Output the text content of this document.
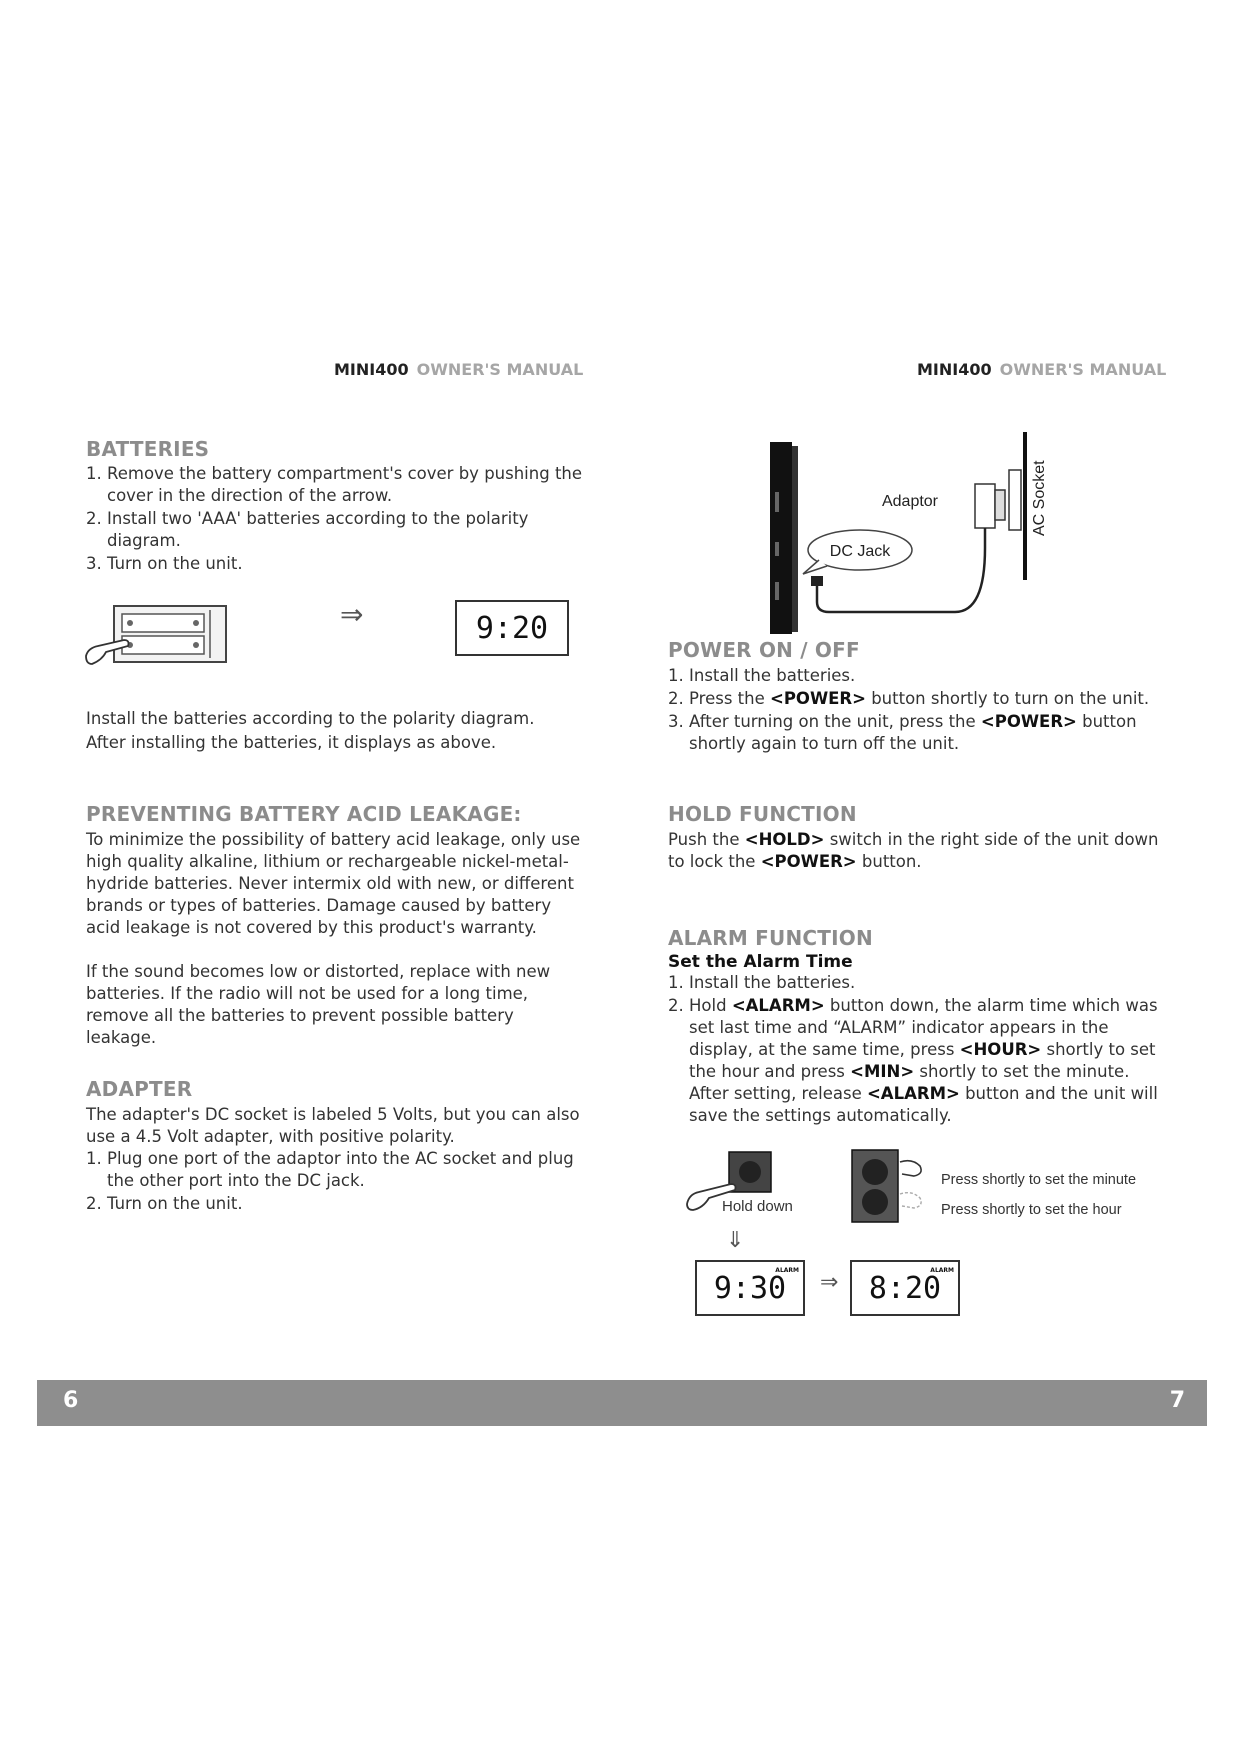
MINI400 OWNER'S MANUAL	MINI400 OWNER'S MANUAL
BATTERIES
1. Remove the battery compartment's cover by pushing the cover in the direction of the arrow.
2. Install two 'AAA' batteries according to the polarity diagram.
3. Turn on the unit.
⇒	9:20
Install the batteries according to the polarity diagram.
After installing the batteries, it displays as above.
PREVENTING BATTERY ACID LEAKAGE:
To minimize the possibility of battery acid leakage, only use high quality alkaline, lithium or rechargeable nickel-metal-hydride batteries. Never intermix old with new, or different brands or types of batteries. Damage caused by battery acid leakage is not covered by this product's warranty.
If the sound becomes low or distorted, replace with new batteries. If the radio will not be used for a long time, remove all the batteries to prevent possible battery leakage.
ADAPTER
The adapter's DC socket is labeled 5 Volts, but you can also use a 4.5 Volt adapter, with positive polarity.
1. Plug one port of the adaptor into the AC socket and plug the other port into the DC jack.
2. Turn on the unit.
DC Jack
Adaptor	AC Socket
POWER ON / OFF
1. Install the batteries.
2. Press the <POWER> button shortly to turn on the unit.
3. After turning on the unit, press the <POWER> button shortly again to turn off the unit.
HOLD FUNCTION
Push the <HOLD> switch in the right side of the unit down to lock the <POWER> button.
ALARM FUNCTION
Set the Alarm Time
1. Install the batteries.
2. Hold <ALARM> button down, the alarm time which was set last time and “ALARM” indicator appears in the display, at the same time, press <HOUR> shortly to set the hour and press <MIN> shortly to set the minute. After setting, release <ALARM> button and the unit will save the settings automatically.
Hold down
⇓
Press shortly to set the minute
Press shortly to set the hour
9:30
ALARM ⇒ 8:20
ALARM
6	7
